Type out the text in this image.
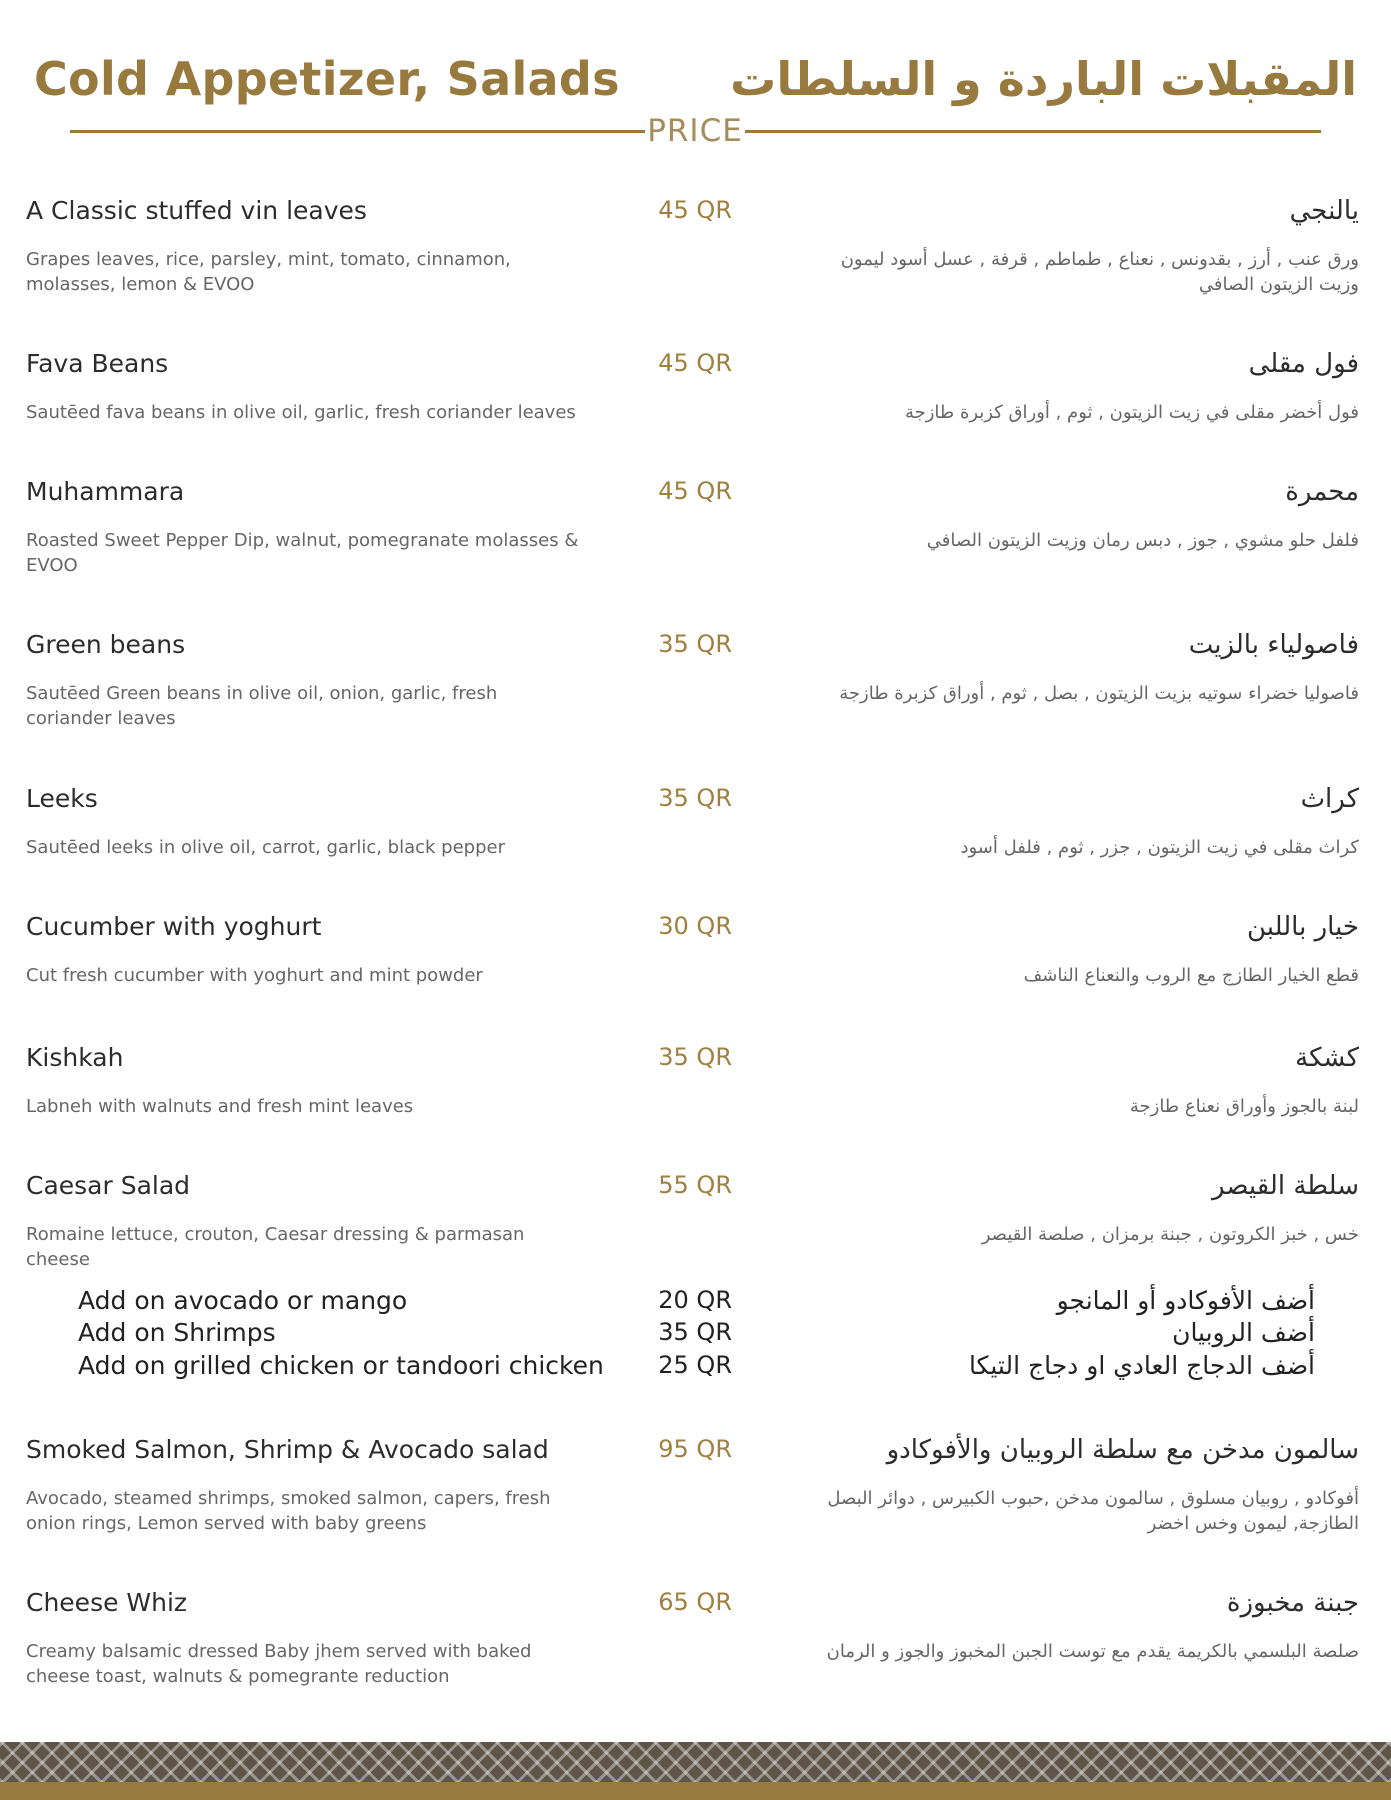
Cold Appetizer, Salads المقبلات الباردة و السلطات
PRICE
A Classic stuffed vin leaves	45 QR	يالنجي
Grapes leaves, rice, parsley, mint, tomato, cinnamon, molasses, lemon & EVOO
ورق عنب , أرز , بقدونس , نعناع , طماطم , قرفة , عسل أسود ليمون وزيت الزيتون الصافي
Fava Beans	45 QR	فول مقلى
Sautēed fava beans in olive oil, garlic, fresh coriander leaves	فول أخضر مقلى في زيت الزيتون , ثوم , أوراق كزبرة طازجة
Muhammara	45 QR	محمرة
Roasted Sweet Pepper Dip, walnut, pomegranate molasses & EVOO
فلفل حلو مشوي , جوز , دبس رمان وزيت الزيتون الصافي
Green beans	35 QR	فاصولياء بالزيت
Sautēed Green beans in olive oil, onion, garlic, fresh coriander leaves
فاصوليا خضراء سوتيه بزيت الزيتون , بصل , ثوم , أوراق كزبرة طازجة
Leeks	35 QR	كراث
Sautēed leeks in olive oil, carrot, garlic, black pepper	كراث مقلى في زيت الزيتون , جزر , ثوم , فلفل أسود
Cucumber with yoghurt	30 QR	خيار باللبن
Cut fresh cucumber with yoghurt and mint powder	قطع الخيار الطازج مع الروب والنعناع الناشف
Kishkah	35 QR	كشكة
Labneh with walnuts and fresh mint leaves	لبنة بالجوز وأوراق نعناع طازجة
Caesar Salad	55 QR	سلطة القيصر
Romaine lettuce, crouton, Caesar dressing & parmasan cheese
خس , خبز الكروتون , جبنة برمزان , صلصة القيصر
Add on avocado or mango	20 QR	أضف الأفوكادو أو المانجو
Add on Shrimps	35 QR	أضف الروبيان
Add on grilled chicken or tandoori chicken	25 QR	أضف الدجاج العادي او دجاج التيكا
Smoked Salmon, Shrimp & Avocado salad	95 QR	سالمون مدخن مع سلطة الروبيان والأفوكادو
Avocado, steamed shrimps, smoked salmon, capers, fresh onion rings, Lemon served with baby greens
أفوكادو , روبيان مسلوق , سالمون مدخن ,حبوب الكبيرس , دوائر البصل الطازجة, ليمون وخس اخضر
Cheese Whiz	65 QR	جبنة مخبوزة
Creamy balsamic dressed Baby jhem served with baked cheese toast, walnuts & pomegrante reduction
صلصة البلسمي بالكريمة يقدم مع توست الجبن المخبوز والجوز و الرمان
